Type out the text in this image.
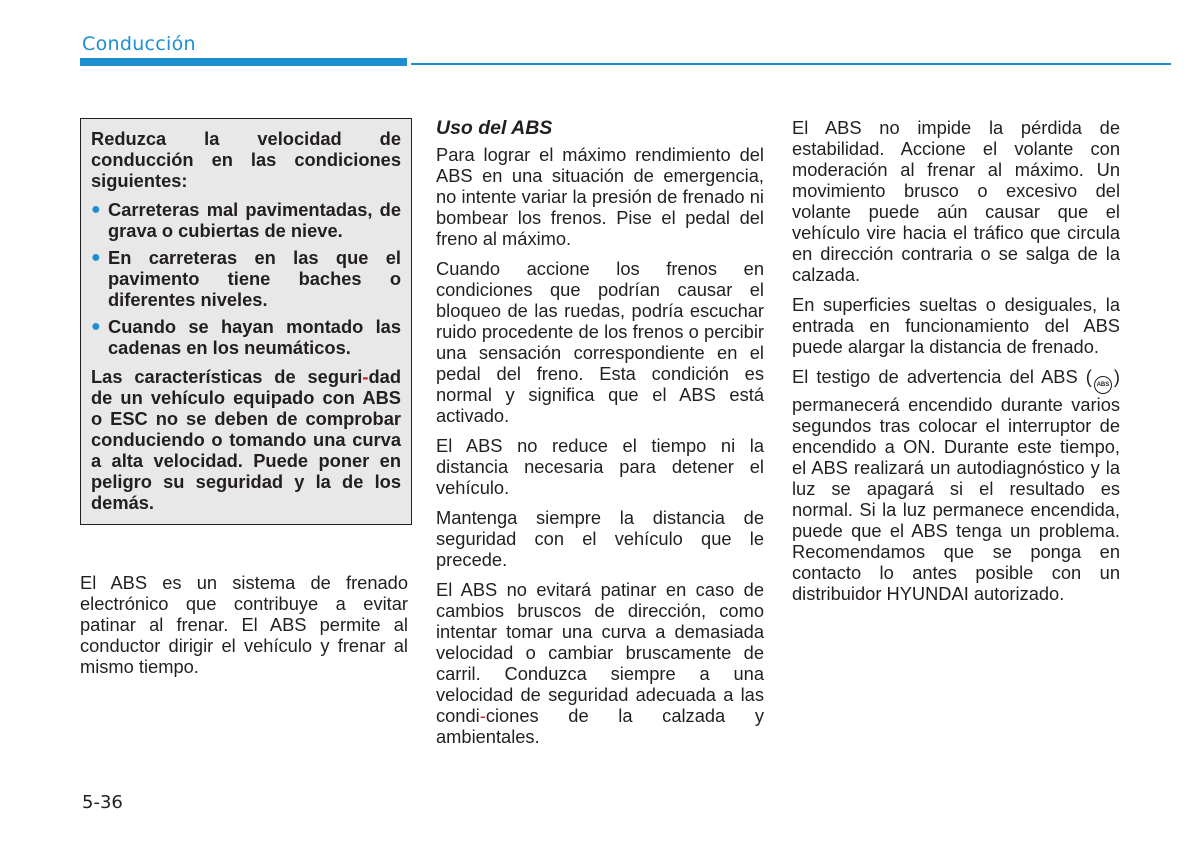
Conducción

Reduzca la velocidad de conducción en las condiciones siguientes:

● Carreteras mal pavimentadas, de grava o cubiertas de nieve.
● En carreteras en las que el pavimento tiene baches o diferentes niveles.
● Cuando se hayan montado las cadenas en los neumáticos.

Las características de seguri-dad de un vehículo equipado con ABS o ESC no se deben de comprobar conduciendo o tomando una curva a alta velocidad. Puede poner en peligro su seguridad y la de los demás.

El ABS es un sistema de frenado electrónico que contribuye a evitar patinar al frenar. El ABS permite al conductor dirigir el vehículo y frenar al mismo tiempo.

Uso del ABS

Para lograr el máximo rendimiento del ABS en una situación de emergencia, no intente variar la presión de frenado ni bombear los frenos. Pise el pedal del freno al máximo.

Cuando accione los frenos en condiciones que podrían causar el bloqueo de las ruedas, podría escuchar ruido procedente de los frenos o percibir una sensación correspondiente en el pedal del freno. Esta condición es normal y significa que el ABS está activado.

El ABS no reduce el tiempo ni la distancia necesaria para detener el vehículo.

Mantenga siempre la distancia de seguridad con el vehículo que le precede.

El ABS no evitará patinar en caso de cambios bruscos de dirección, como intentar tomar una curva a demasiada velocidad o cambiar bruscamente de carril. Conduzca siempre a una velocidad de seguridad adecuada a las condi-ciones de la calzada y ambientales.

El ABS no impide la pérdida de estabilidad. Accione el volante con moderación al frenar al máximo. Un movimiento brusco o excesivo del volante puede aún causar que el vehículo vire hacia el tráfico que circula en dirección contraria o se salga de la calzada.

En superficies sueltas o desiguales, la entrada en funcionamiento del ABS puede alargar la distancia de frenado.

El testigo de advertencia del ABS ( ABS ) permanecerá encendido durante varios segundos tras colocar el interruptor de encendido a ON. Durante este tiempo, el ABS realizará un autodiagnóstico y la luz se apagará si el resultado es normal. Si la luz permanece encendida, puede que el ABS tenga un problema. Recomendamos que se ponga en contacto lo antes posible con un distribuidor HYUNDAI autorizado.

5-36
